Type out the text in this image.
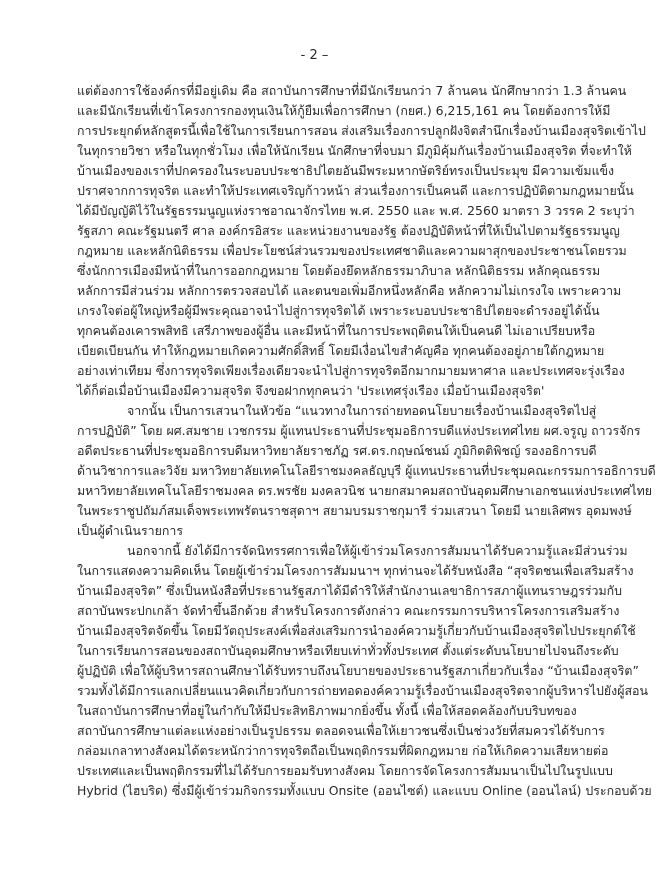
- 2 –
แต่ต้องการใช้องค์กรที่มีอยู่เดิม คือ สถาบันการศึกษาที่มีนักเรียนกว่า 7 ล้านคน นักศึกษากว่า 1.3 ล้านคน
และมีนักเรียนที่เข้าโครงการกองทุนเงินให้กู้ยืมเพื่อการศึกษา (กยศ.) 6,215,161 คน โดยต้องการให้มี
การประยุกต์หลักสูตรนี้เพื่อใช้ในการเรียนการสอน ส่งเสริมเรื่องการปลูกฝังจิตสำนึกเรื่องบ้านเมืองสุจริตเข้าไป
ในทุกรายวิชา หรือในทุกชั่วโมง เพื่อให้นักเรียน นักศึกษาที่จบมา มีภูมิคุ้มกันเรื่องบ้านเมืองสุจริต ที่จะทำให้
บ้านเมืองของเราที่ปกครองในระบอบประชาธิปไตยอันมีพระมหากษัตริย์ทรงเป็นประมุข มีความเข้มแข็ง
ปราศจากการทุจริต และทำให้ประเทศเจริญก้าวหน้า ส่วนเรื่องการเป็นคนดี และการปฏิบัติตามกฎหมายนั้น
ได้มีบัญญัติไว้ในรัฐธรรมนูญแห่งราชอาณาจักรไทย พ.ศ. 2550 และ พ.ศ. 2560 มาตรา 3 วรรค 2 ระบุว่า
รัฐสภา คณะรัฐมนตรี ศาล องค์กรอิสระ และหน่วยงานของรัฐ ต้องปฏิบัติหน้าที่ให้เป็นไปตามรัฐธรรมนูญ
กฎหมาย และหลักนิติธรรม เพื่อประโยชน์ส่วนรวมของประเทศชาติและความผาสุกของประชาชนโดยรวม
ซึ่งนักการเมืองมีหน้าที่ในการออกกฎหมาย โดยต้องยึดหลักธรรมาภิบาล หลักนิติธรรม หลักคุณธรรม
หลักการมีส่วนร่วม หลักการตรวจสอบได้ และตนขอเพิ่มอีกหนึ่งหลักคือ หลักความไม่เกรงใจ เพราะความ
เกรงใจต่อผู้ใหญ่หรือผู้มีพระคุณอาจนำไปสู่การทุจริตได้ เพราะระบอบประชาธิปไตยจะดำรงอยู่ได้นั้น
ทุกคนต้องเคารพสิทธิ เสรีภาพของผู้อื่น และมีหน้าที่ในการประพฤติตนให้เป็นคนดี ไม่เอาเปรียบหรือ
เบียดเบียนกัน ทำให้กฎหมายเกิดความศักดิ์สิทธิ์ โดยมีเงื่อนไขสำคัญคือ ทุกคนต้องอยู่ภายใต้กฎหมาย
อย่างเท่าเทียม ซึ่งการทุจริตเพียงเรื่องเดียวจะนำไปสู่การทุจริตอีกมากมายมหาศาล และประเทศจะรุ่งเรือง
ได้ก็ต่อเมื่อบ้านเมืองมีความสุจริต จึงขอฝากทุกคนว่า 'ประเทศรุ่งเรือง เมื่อบ้านเมืองสุจริต'
จากนั้น เป็นการเสวนาในหัวข้อ “แนวทางในการถ่ายทอดนโยบายเรื่องบ้านเมืองสุจริตไปสู่
การปฏิบัติ” โดย ผศ.สมชาย เวชกรรม ผู้แทนประธานที่ประชุมอธิการบดีแห่งประเทศไทย ผศ.จรูญ ถาวรจักร
อดีตประธานที่ประชุมอธิการบดีมหาวิทยาลัยราชภัฏ รศ.ดร.กฤษณ์ชนม์ ภูมิกิตติพิชญ์ รองอธิการบดี
ด้านวิชาการและวิจัย มหาวิทยาลัยเทคโนโลยีราชมงคลธัญบุรี ผู้แทนประธานที่ประชุมคณะกรรมการอธิการบดี
มหาวิทยาลัยเทคโนโลยีราชมงคล ดร.พรชัย มงคลวนิช นายกสมาคมสถาบันอุดมศึกษาเอกชนแห่งประเทศไทย
ในพระราชูปถัมภ์สมเด็จพระเทพรัตนราชสุดาฯ สยามบรมราชกุมารี ร่วมเสวนา โดยมี นายเลิศพร อุดมพงษ์
เป็นผู้ดำเนินรายการ
นอกจากนี้ ยังได้มีการจัดนิทรรศการเพื่อให้ผู้เข้าร่วมโครงการสัมมนาได้รับความรู้และมีส่วนร่วม
ในการแสดงความคิดเห็น โดยผู้เข้าร่วมโครงการสัมมนาฯ ทุกท่านจะได้รับหนังสือ “สุจริตชนเพื่อเสริมสร้าง
บ้านเมืองสุจริต” ซึ่งเป็นหนังสือที่ประธานรัฐสภาได้มีดำริให้สำนักงานเลขาธิการสภาผู้แทนราษฎรร่วมกับ
สถาบันพระปกเกล้า จัดทำขึ้นอีกด้วย สำหรับโครงการดังกล่าว คณะกรรมการบริหารโครงการเสริมสร้าง
บ้านเมืองสุจริตจัดขึ้น โดยมีวัตถุประสงค์เพื่อส่งเสริมการนำองค์ความรู้เกี่ยวกับบ้านเมืองสุจริตไปประยุกต์ใช้
ในการเรียนการสอนของสถาบันอุดมศึกษาหรือเทียบเท่าทั่วทั้งประเทศ ตั้งแต่ระดับนโยบายไปจนถึงระดับ
ผู้ปฏิบัติ เพื่อให้ผู้บริหารสถานศึกษาได้รับทราบถึงนโยบายของประธานรัฐสภาเกี่ยวกับเรื่อง “บ้านเมืองสุจริต”
รวมทั้งได้มีการแลกเปลี่ยนแนวคิดเกี่ยวกับการถ่ายทอดองค์ความรู้เรื่องบ้านเมืองสุจริตจากผู้บริหารไปยังผู้สอน
ในสถาบันการศึกษาที่อยู่ในกำกับให้มีประสิทธิภาพมากยิ่งขึ้น ทั้งนี้ เพื่อให้สอดคล้องกับบริบทของ
สถาบันการศึกษาแต่ละแห่งอย่างเป็นรูปธรรม ตลอดจนเพื่อให้เยาวชนซึ่งเป็นช่วงวัยที่สมควรได้รับการ
กล่อมเกลาทางสังคมได้ตระหนักว่าการทุจริตถือเป็นพฤติกรรมที่ผิดกฎหมาย ก่อให้เกิดความเสียหายต่อ
ประเทศและเป็นพฤติกรรมที่ไม่ได้รับการยอมรับทางสังคม โดยการจัดโครงการสัมมนาเป็นไปในรูปแบบ
Hybrid (ไฮบริด) ซึ่งมีผู้เข้าร่วมกิจกรรมทั้งแบบ Onsite (ออนไซต์) และแบบ Online (ออนไลน์) ประกอบด้วย
